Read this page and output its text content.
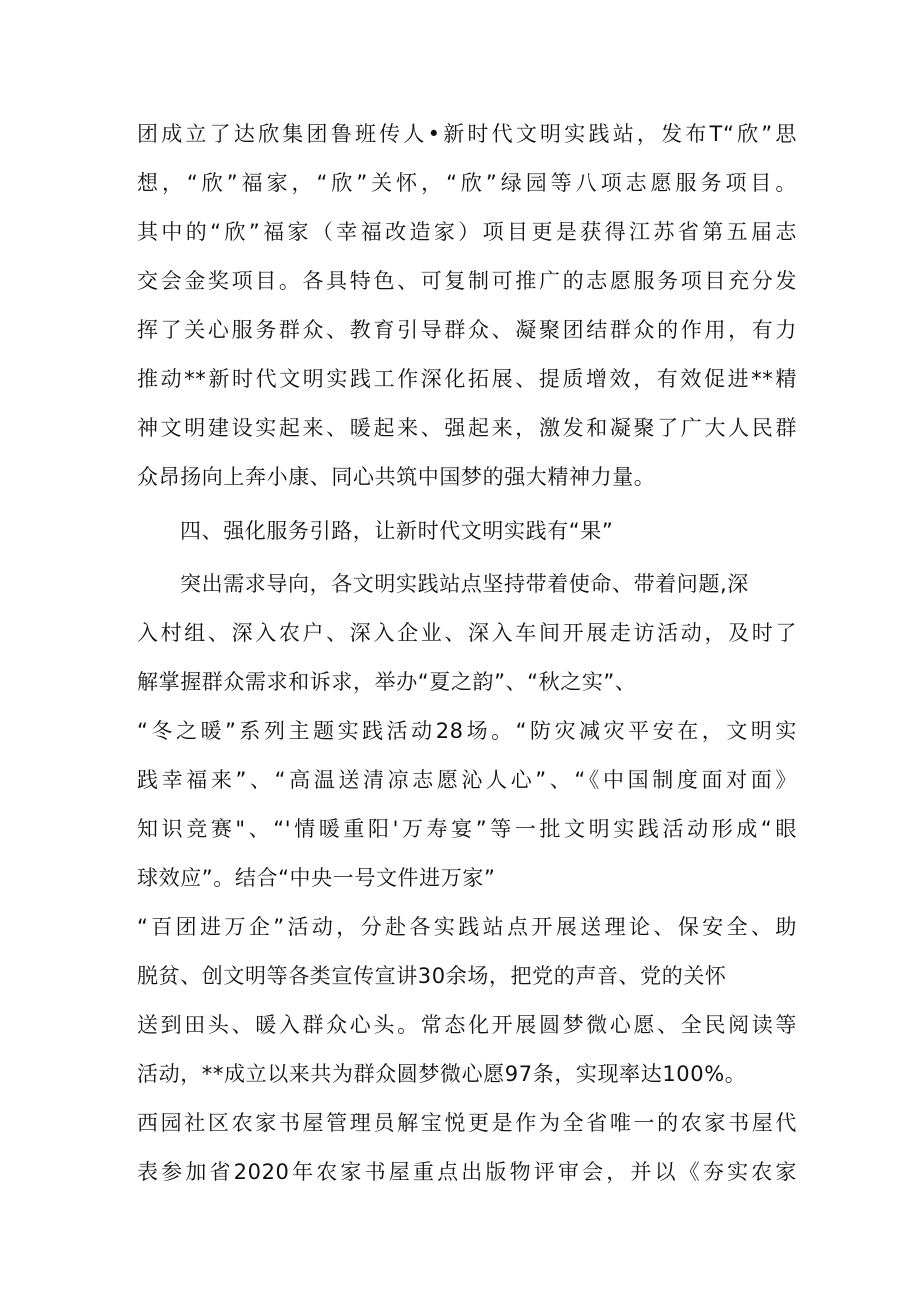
团成立了达欣集团鲁班传人•新时代文明实践站，发布T“欣”思
想，“欣”福家，“欣”关怀，“欣”绿园等八项志愿服务项目。
其中的“欣”福家（幸福改造家）项目更是获得江苏省第五届志
交会金奖项目。各具特色、可复制可推广的志愿服务项目充分发
挥了关心服务群众、教育引导群众、凝聚团结群众的作用，有力
推动**新时代文明实践工作深化拓展、提质增效，有效促进**精
神文明建设实起来、暖起来、强起来，激发和凝聚了广大人民群
众昂扬向上奔小康、同心共筑中国梦的强大精神力量。
四、强化服务引路，让新时代文明实践有“果”
突出需求导向，各文明实践站点坚持带着使命、带着问题,深
入村组、深入农户、深入企业、深入车间开展走访活动，及时了
解掌握群众需求和诉求，举办“夏之韵”、“秋之实”、
“冬之暖”系列主题实践活动28场。“防灾减灾平安在，文明实
践幸福来”、“高温送清凉志愿沁人心”、“《中国制度面对面》
知识竞赛"、“'情暖重阳'万寿宴”等一批文明实践活动形成“眼
球效应”。结合“中央一号文件进万家”
“百团进万企”活动，分赴各实践站点开展送理论、保安全、助
脱贫、创文明等各类宣传宣讲30余场，把党的声音、党的关怀
送到田头、暖入群众心头。常态化开展圆梦微心愿、全民阅读等
活动，**成立以来共为群众圆梦微心愿97条，实现率达100%。
西园社区农家书屋管理员解宝悦更是作为全省唯一的农家书屋代
表参加省2020年农家书屋重点出版物评审会，并以《夯实农家
